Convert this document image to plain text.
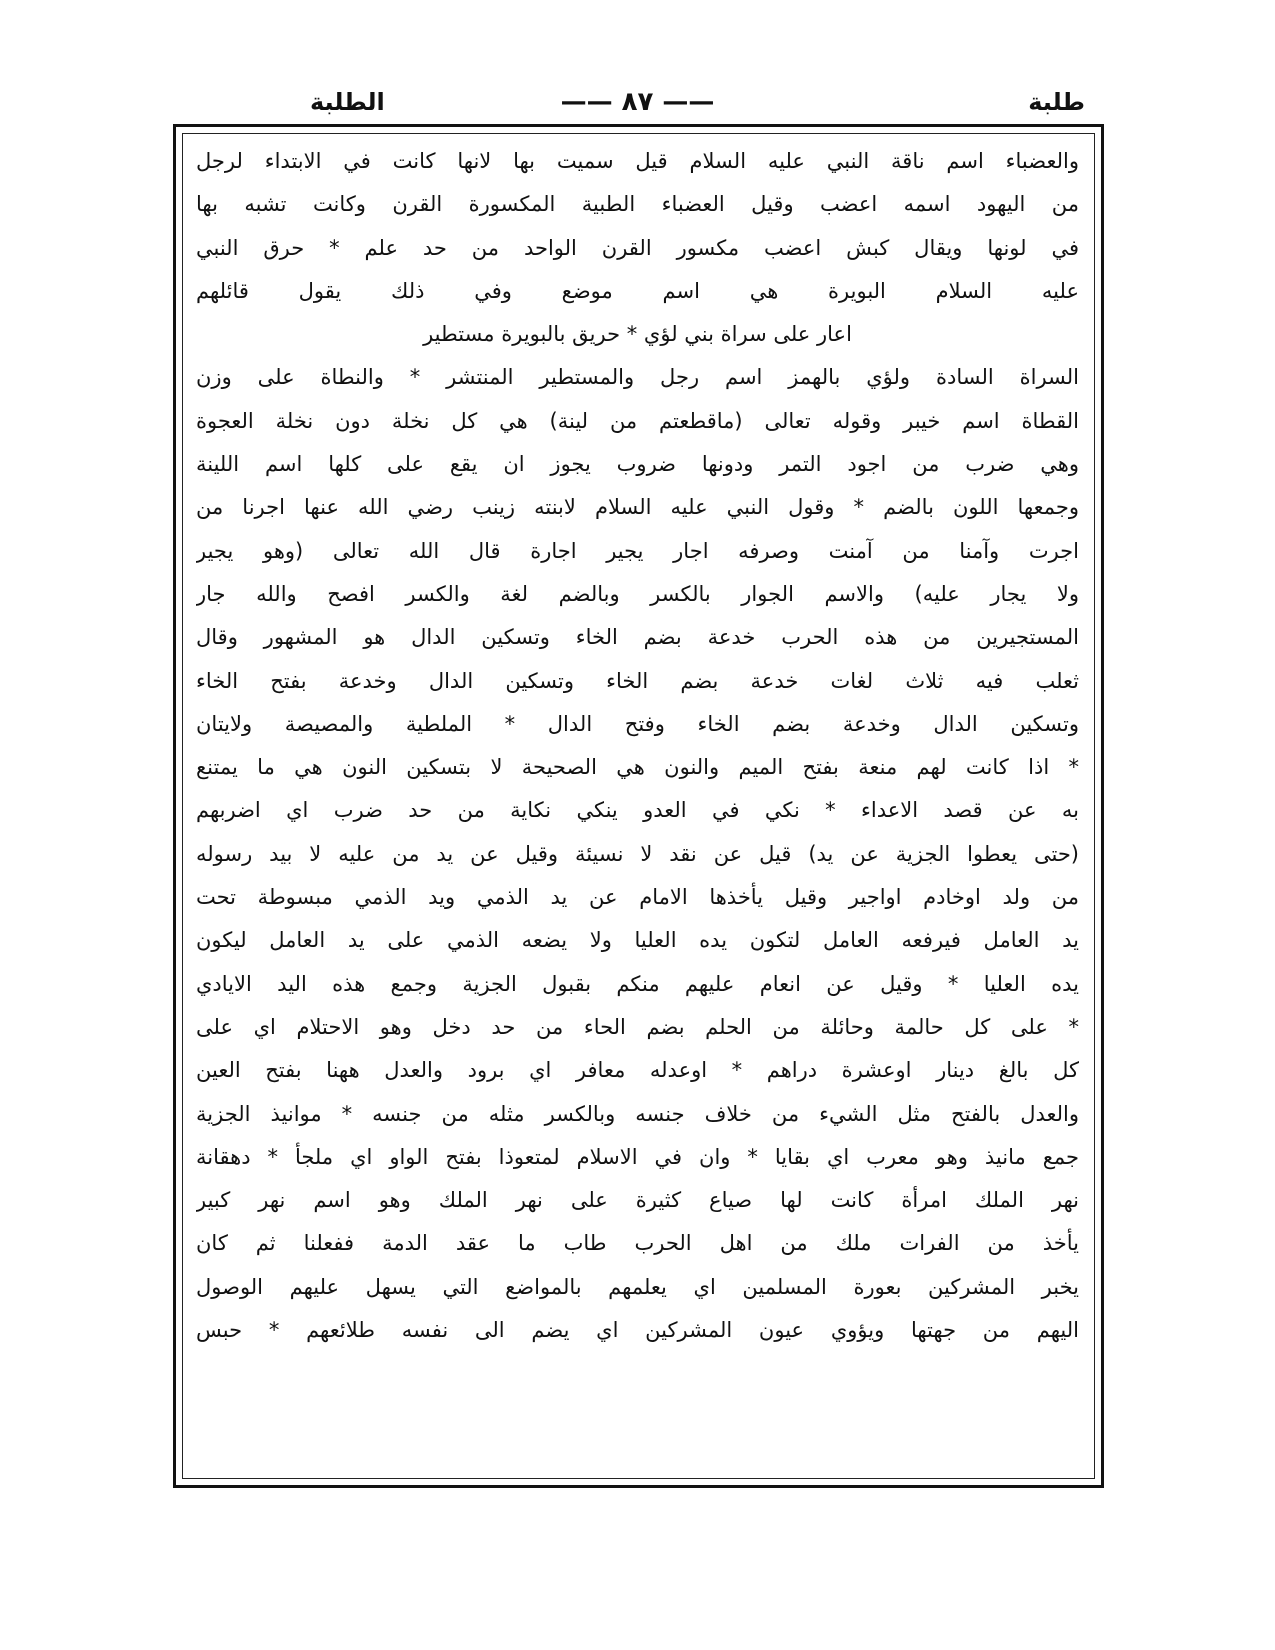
طلبة
—— ٨٧ ——
الطلبة
والعضباء اسم ناقة النبي عليه السلام قيل سميت بها لانها كانت في الابتداء لرجل
من اليهود اسمه اعضب وقيل العضباء الطبية المكسورة القرن وكانت تشبه بها
في لونها ويقال كبش اعضب مكسور القرن الواحد من حد علم * حرق النبي
عليه السلام البويرة هي اسم موضع وفي ذلك يقول قائلهم
اعار على سراة بني لؤي * حريق بالبويرة مستطير
السراة السادة ولؤي بالهمز اسم رجل والمستطير المنتشر * والنطاة على وزن
القطاة اسم خيبر وقوله تعالى (ماقطعتم من لينة) هي كل نخلة دون نخلة العجوة
وهي ضرب من اجود التمر ودونها ضروب يجوز ان يقع على كلها اسم اللينة
وجمعها اللون بالضم * وقول النبي عليه السلام لابنته زينب رضي الله عنها اجرنا من
اجرت وآمنا من آمنت وصرفه اجار يجير اجارة قال الله تعالى (وهو يجير
ولا يجار عليه) والاسم الجوار بالكسر وبالضم لغة والكسر افصح والله جار
المستجيرين من هذه الحرب خدعة بضم الخاء وتسكين الدال هو المشهور وقال
ثعلب فيه ثلاث لغات خدعة بضم الخاء وتسكين الدال وخدعة بفتح الخاء
وتسكين الدال وخدعة بضم الخاء وفتح الدال * الملطية والمصيصة ولايتان
* اذا كانت لهم منعة بفتح الميم والنون هي الصحيحة لا بتسكين النون هي ما يمتنع
به عن قصد الاعداء * نكي في العدو ينكي نكاية من حد ضرب اي اضربهم
(حتى يعطوا الجزية عن يد) قيل عن نقد لا نسيئة وقيل عن يد من عليه لا بيد رسوله
من ولد اوخادم اواجير وقيل يأخذها الامام عن يد الذمي ويد الذمي مبسوطة تحت
يد العامل فيرفعه العامل لتكون يده العليا ولا يضعه الذمي على يد العامل ليكون
يده العليا * وقيل عن انعام عليهم منكم بقبول الجزية وجمع هذه اليد الايادي
* على كل حالمة وحائلة من الحلم بضم الحاء من حد دخل وهو الاحتلام اي على
كل بالغ دينار اوعشرة دراهم * اوعدله معافر اي برود والعدل ههنا بفتح العين
والعدل بالفتح مثل الشيء من خلاف جنسه وبالكسر مثله من جنسه * موانيذ الجزية
جمع مانيذ وهو معرب اي بقايا * وان في الاسلام لمتعوذا بفتح الواو اي ملجأ * دهقانة
نهر الملك امرأة كانت لها صياع كثيرة على نهر الملك وهو اسم نهر كبير
يأخذ من الفرات ملك من اهل الحرب طاب ما عقد الدمة ففعلنا ثم كان
يخبر المشركين بعورة المسلمين اي يعلمهم بالمواضع التي يسهل عليهم الوصول
اليهم من جهتها ويؤوي عيون المشركين اي يضم الى نفسه طلائعهم * حبس
